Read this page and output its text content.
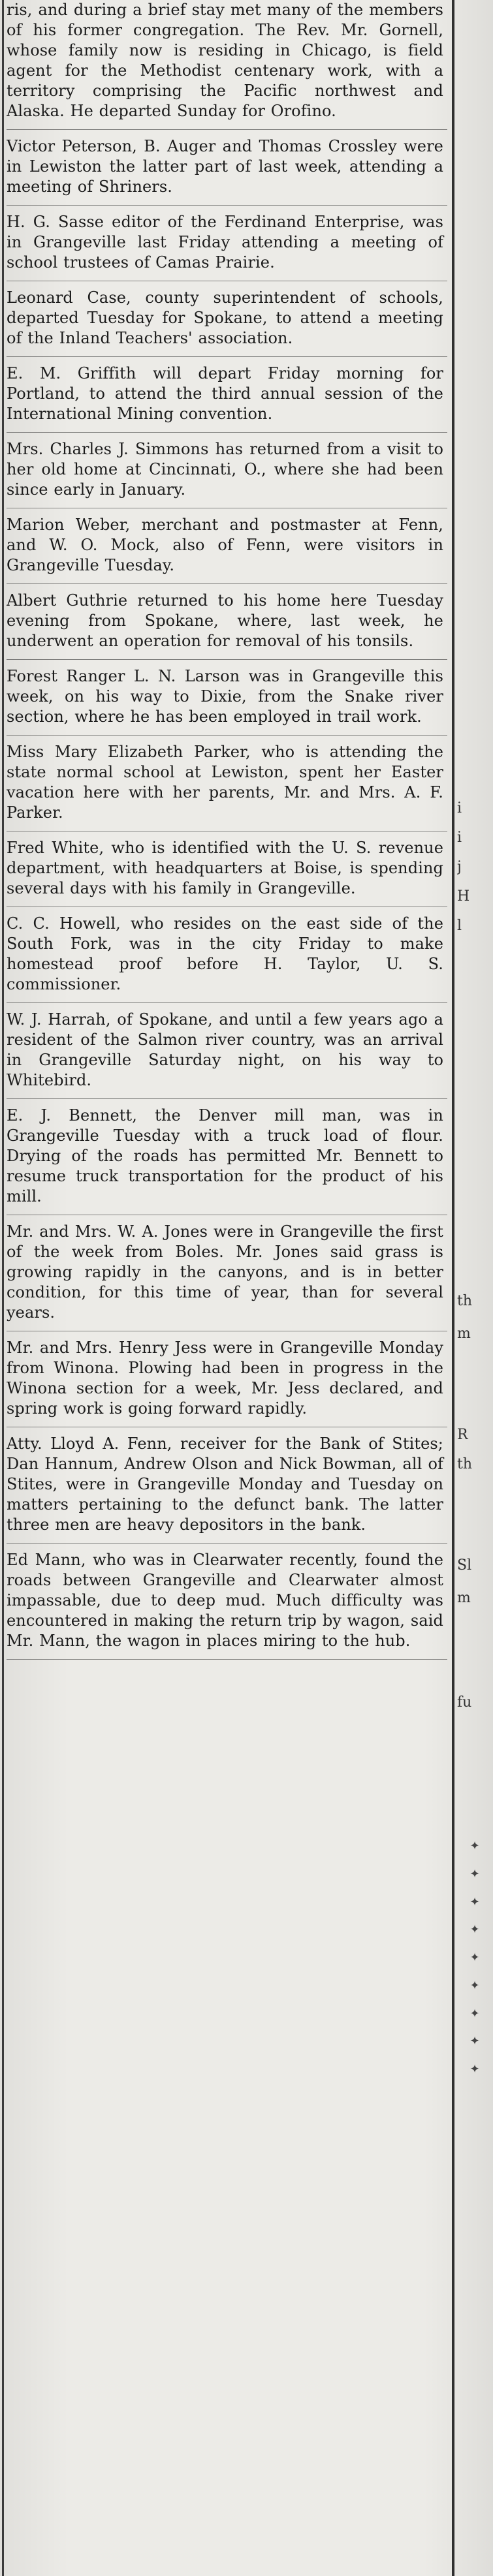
ris, and during a brief stay met many of the members of his former congregation. The Rev. Mr. Gornell, whose family now is residing in Chicago, is field agent for the Methodist centenary work, with a territory comprising the Pacific northwest and Alaska. He departed Sunday for Orofino.

Victor Peterson, B. Auger and Thomas Crossley were in Lewiston the latter part of last week, attending a meeting of Shriners.

H. G. Sasse editor of the Ferdinand Enterprise, was in Grangeville last Friday attending a meeting of school trustees of Camas Prairie.

Leonard Case, county superintendent of schools, departed Tuesday for Spokane, to attend a meeting of the Inland Teachers' association.

E. M. Griffith will depart Friday morning for Portland, to attend the third annual session of the International Mining convention.

Mrs. Charles J. Simmons has returned from a visit to her old home at Cincinnati, O., where she had been since early in January.

Marion Weber, merchant and postmaster at Fenn, and W. O. Mock, also of Fenn, were visitors in Grangeville Tuesday.

Albert Guthrie returned to his home here Tuesday evening from Spokane, where, last week, he underwent an operation for removal of his tonsils.

Forest Ranger L. N. Larson was in Grangeville this week, on his way to Dixie, from the Snake river section, where he has been employed in trail work.

Miss Mary Elizabeth Parker, who is attending the state normal school at Lewiston, spent her Easter vacation here with her parents, Mr. and Mrs. A. F. Parker.

Fred White, who is identified with the U. S. revenue department, with headquarters at Boise, is spending several days with his family in Grangeville.

C. C. Howell, who resides on the east side of the South Fork, was in the city Friday to make homestead proof before H. Taylor, U. S. commissioner.

W. J. Harrah, of Spokane, and until a few years ago a resident of the Salmon river country, was an arrival in Grangeville Saturday night, on his way to Whitebird.

E. J. Bennett, the Denver mill man, was in Grangeville Tuesday with a truck load of flour. Drying of the roads has permitted Mr. Bennett to resume truck transportation for the product of his mill.

Mr. and Mrs. W. A. Jones were in Grangeville the first of the week from Boles. Mr. Jones said grass is growing rapidly in the canyons, and is in better condition, for this time of year, than for several years.

Mr. and Mrs. Henry Jess were in Grangeville Monday from Winona. Plowing had been in progress in the Winona section for a week, Mr. Jess declared, and spring work is going forward rapidly.

Atty. Lloyd A. Fenn, receiver for the Bank of Stites; Dan Hannum, Andrew Olson and Nick Bowman, all of Stites, were in Grangeville Monday and Tuesday on matters pertaining to the defunct bank. The latter three men are heavy depositors in the bank.

Ed Mann, who was in Clearwater recently, found the roads between Grangeville and Clearwater almost impassable, due to deep mud. Much difficulty was encountered in making the return trip by wagon, said Mr. Mann, the wagon in places miring to the hub.

i
i
j
H
l
th
m
R
th
Sl
m
fu
✦
✦
✦
✦
✦
✦
✦
✦
✦
